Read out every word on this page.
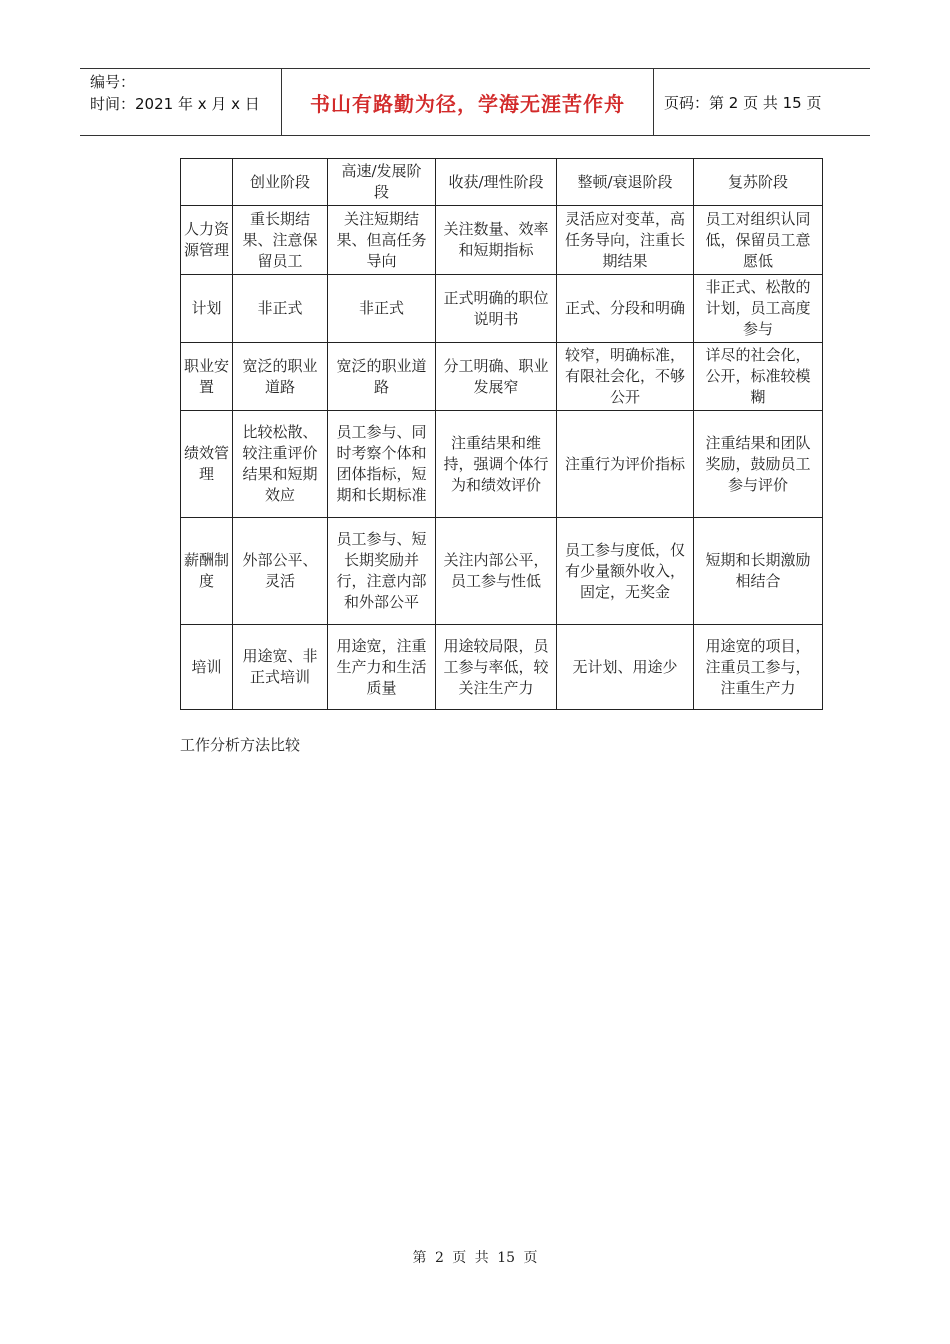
编号：
时间：2021 年 x 月 x 日	书山有路勤为径，学海无涯苦作舟	页码：第 2 页 共 15 页
	创业阶段	高速/发展阶段	收获/理性阶段	整顿/衰退阶段	复苏阶段
人力资源管理	重长期结果、注意保留员工	关注短期结果、但高任务导向	关注数量、效率和短期指标	灵活应对变革，高任务导向，注重长期结果	员工对组织认同低，保留员工意愿低
计划	非正式	非正式	正式明确的职位说明书	正式、分段和明确	非正式、松散的计划，员工高度参与
职业安置	宽泛的职业道路	宽泛的职业道路	分工明确、职业发展窄	较窄，明确标准，有限社会化，不够公开	详尽的社会化，公开，标准较模糊
绩效管理	比较松散、较注重评价结果和短期效应	员工参与、同时考察个体和团体指标，短期和长期标准	注重结果和维持，强调个体行为和绩效评价	注重行为评价指标	注重结果和团队奖励，鼓励员工参与评价
薪酬制度	外部公平、灵活	员工参与、短长期奖励并行，注意内部和外部公平	关注内部公平，员工参与性低	员工参与度低，仅有少量额外收入，固定，无奖金	短期和长期激励相结合
培训	用途宽、非正式培训	用途宽，注重生产力和生活质量	用途较局限，员工参与率低，较关注生产力	无计划、用途少	用途宽的项目，注重员工参与，注重生产力
工作分析方法比较
第 2 页 共 15 页
